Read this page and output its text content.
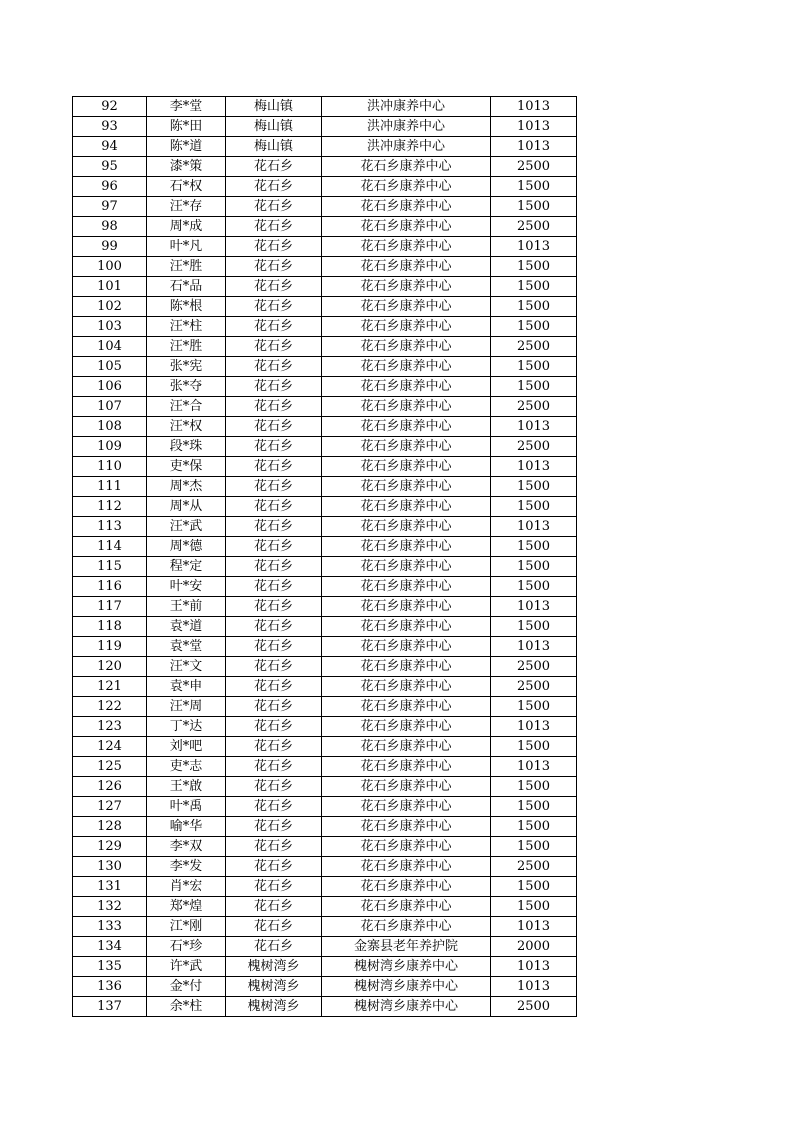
92	李*堂	梅山镇	洪冲康养中心	1013
93	陈*田	梅山镇	洪冲康养中心	1013
94	陈*道	梅山镇	洪冲康养中心	1013
95	漆*策	花石乡	花石乡康养中心	2500
96	石*权	花石乡	花石乡康养中心	1500
97	汪*存	花石乡	花石乡康养中心	1500
98	周*成	花石乡	花石乡康养中心	2500
99	叶*凡	花石乡	花石乡康养中心	1013
100	汪*胜	花石乡	花石乡康养中心	1500
101	石*品	花石乡	花石乡康养中心	1500
102	陈*根	花石乡	花石乡康养中心	1500
103	汪*柱	花石乡	花石乡康养中心	1500
104	汪*胜	花石乡	花石乡康养中心	2500
105	张*宪	花石乡	花石乡康养中心	1500
106	张*夺	花石乡	花石乡康养中心	1500
107	汪*合	花石乡	花石乡康养中心	2500
108	汪*权	花石乡	花石乡康养中心	1013
109	段*珠	花石乡	花石乡康养中心	2500
110	吏*保	花石乡	花石乡康养中心	1013
111	周*杰	花石乡	花石乡康养中心	1500
112	周*从	花石乡	花石乡康养中心	1500
113	汪*武	花石乡	花石乡康养中心	1013
114	周*德	花石乡	花石乡康养中心	1500
115	程*定	花石乡	花石乡康养中心	1500
116	叶*安	花石乡	花石乡康养中心	1500
117	王*前	花石乡	花石乡康养中心	1013
118	袁*道	花石乡	花石乡康养中心	1500
119	袁*堂	花石乡	花石乡康养中心	1013
120	汪*文	花石乡	花石乡康养中心	2500
121	袁*申	花石乡	花石乡康养中心	2500
122	汪*周	花石乡	花石乡康养中心	1500
123	丁*达	花石乡	花石乡康养中心	1013
124	刘*吧	花石乡	花石乡康养中心	1500
125	吏*志	花石乡	花石乡康养中心	1013
126	王*啟	花石乡	花石乡康养中心	1500
127	叶*禹	花石乡	花石乡康养中心	1500
128	喻*华	花石乡	花石乡康养中心	1500
129	李*双	花石乡	花石乡康养中心	1500
130	李*发	花石乡	花石乡康养中心	2500
131	肖*宏	花石乡	花石乡康养中心	1500
132	郑*煌	花石乡	花石乡康养中心	1500
133	江*刚	花石乡	花石乡康养中心	1013
134	石*珍	花石乡	金寨县老年养护院	2000
135	许*武	槐树湾乡	槐树湾乡康养中心	1013
136	金*付	槐树湾乡	槐树湾乡康养中心	1013
137	余*柱	槐树湾乡	槐树湾乡康养中心	2500
